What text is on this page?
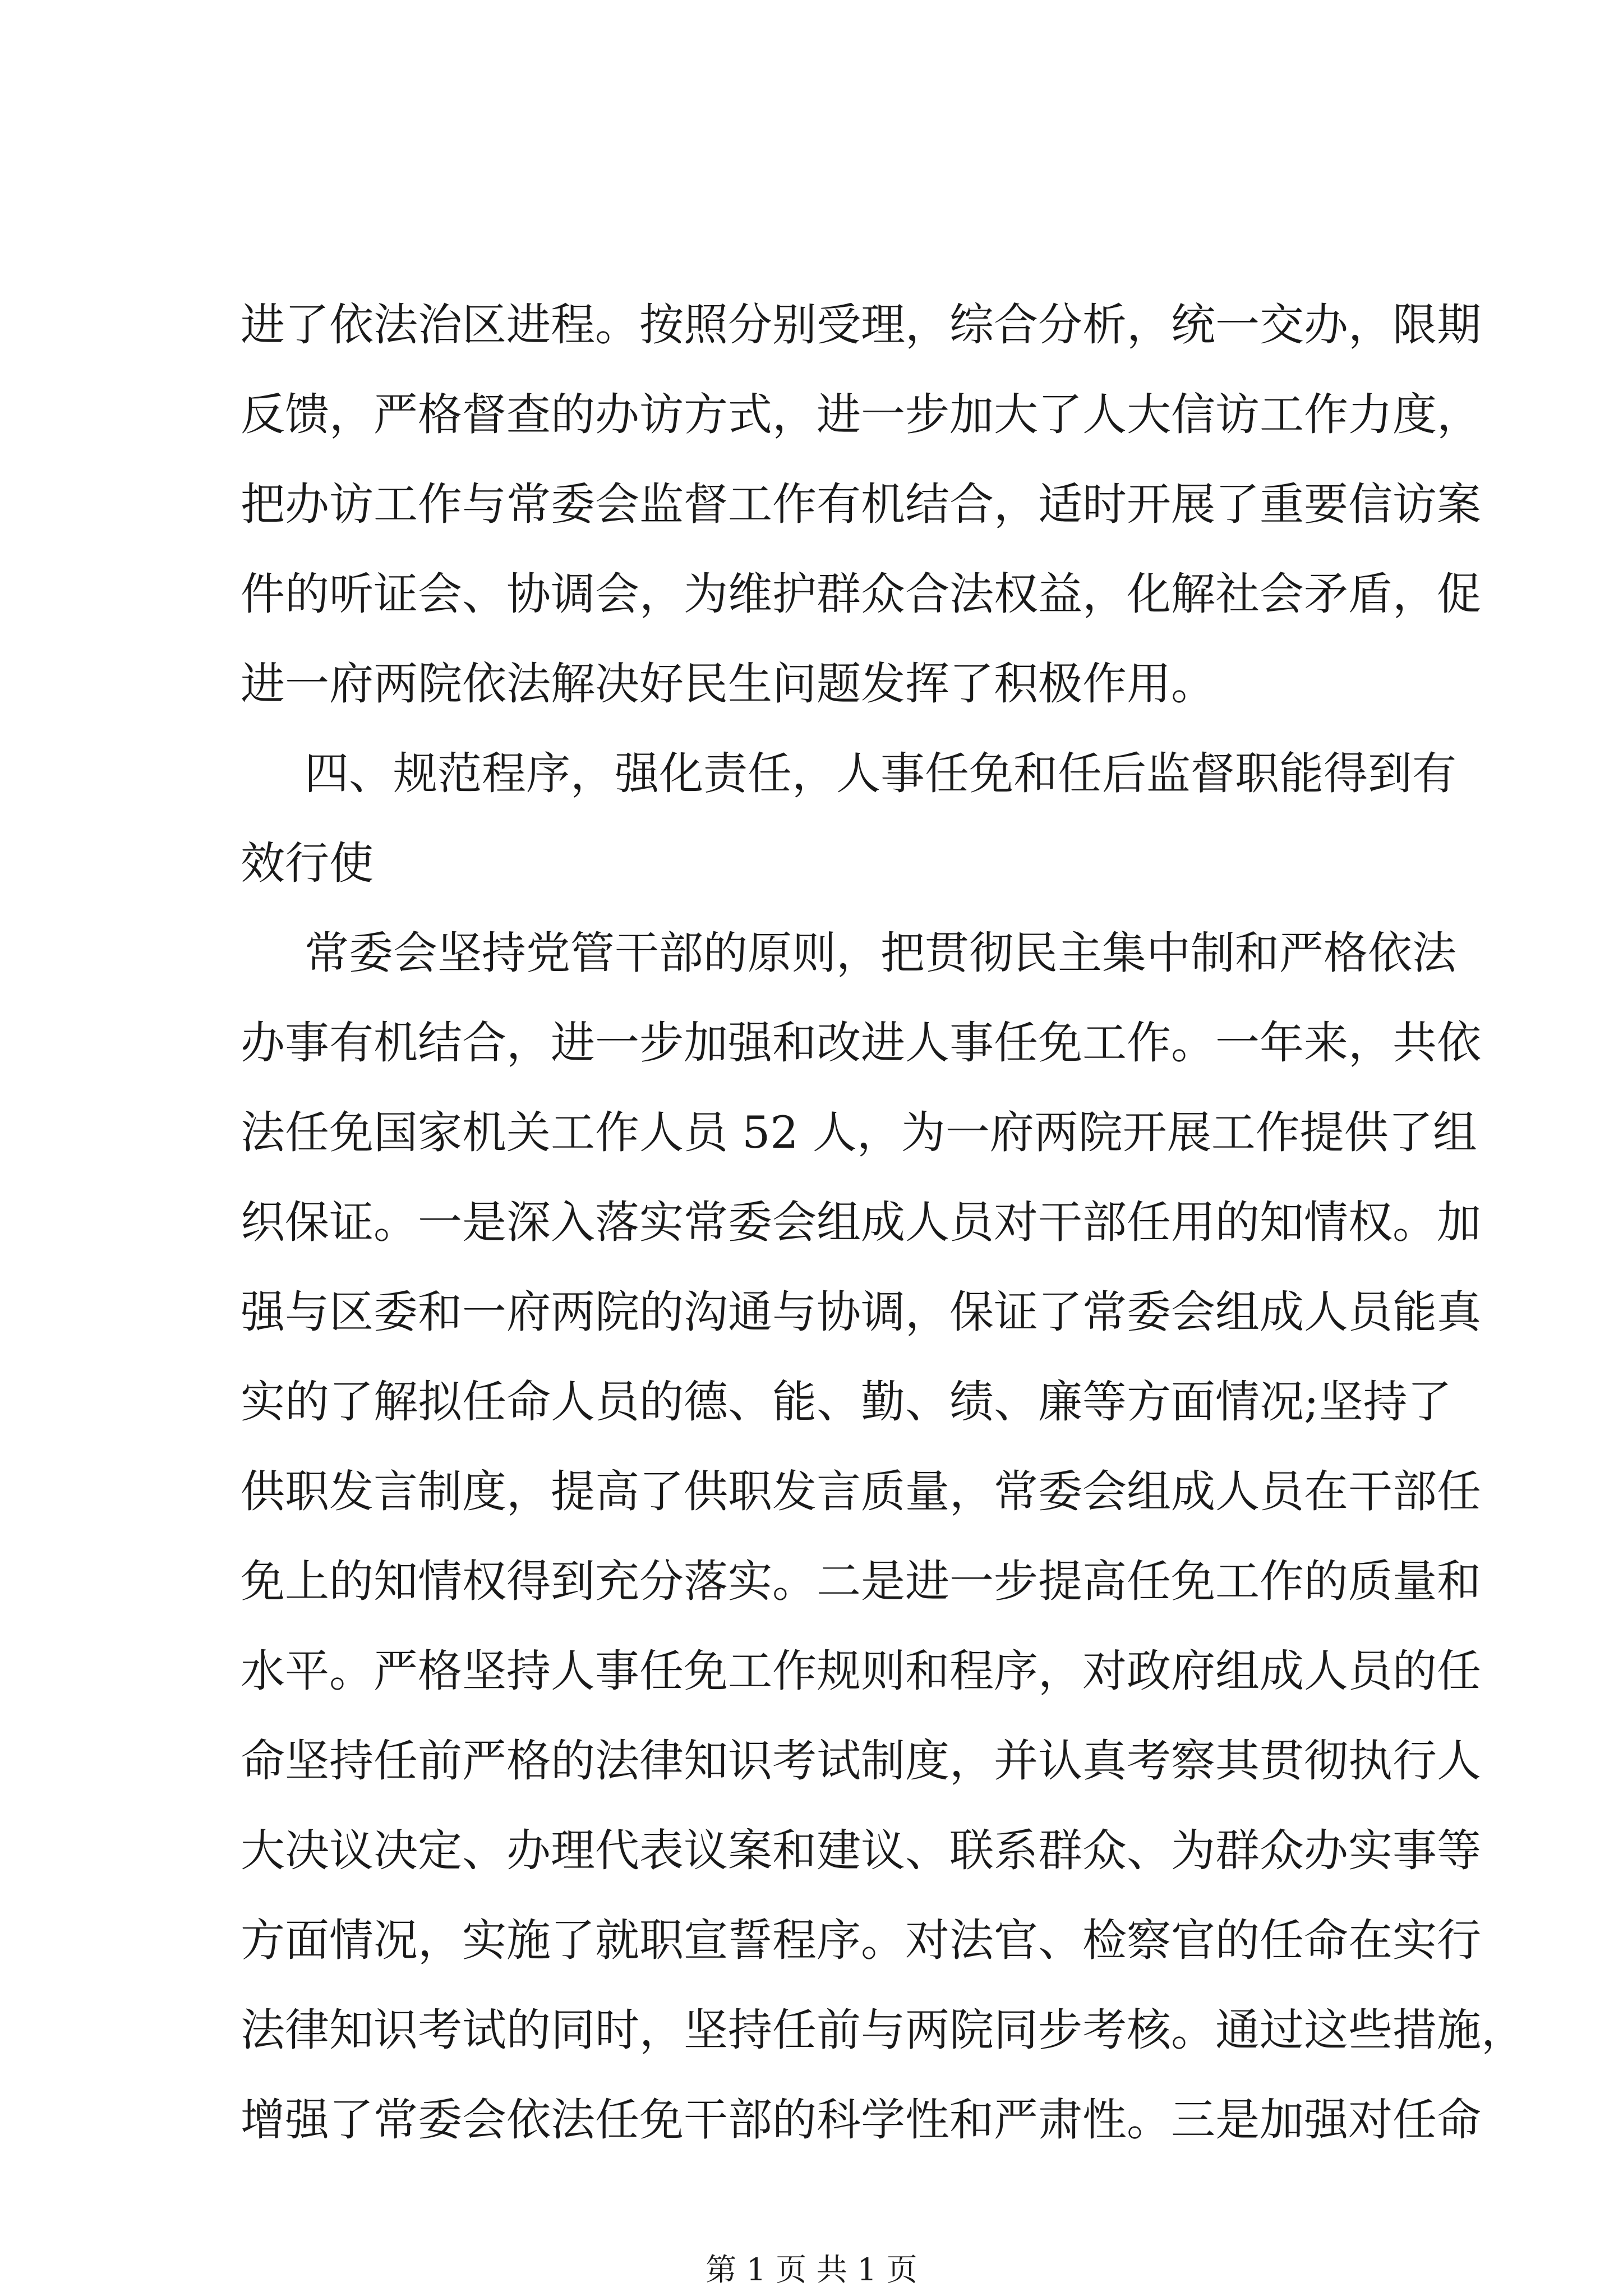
进了依法治区进程。按照分别受理，综合分析，统一交办，限期
反馈，严格督查的办访方式，进一步加大了人大信访工作力度，
把办访工作与常委会监督工作有机结合，适时开展了重要信访案
件的听证会、协调会，为维护群众合法权益，化解社会矛盾，促
进一府两院依法解决好民生问题发挥了积极作用。
四、规范程序，强化责任，人事任免和任后监督职能得到有
效行使
常委会坚持党管干部的原则，把贯彻民主集中制和严格依法
办事有机结合，进一步加强和改进人事任免工作。一年来，共依
法任免国家机关工作人员 52 人，为一府两院开展工作提供了组
织保证。一是深入落实常委会组成人员对干部任用的知情权。加
强与区委和一府两院的沟通与协调，保证了常委会组成人员能真
实的了解拟任命人员的德、能、勤、绩、廉等方面情况;坚持了
供职发言制度，提高了供职发言质量，常委会组成人员在干部任
免上的知情权得到充分落实。二是进一步提高任免工作的质量和
水平。严格坚持人事任免工作规则和程序，对政府组成人员的任
命坚持任前严格的法律知识考试制度，并认真考察其贯彻执行人
大决议决定、办理代表议案和建议、联系群众、为群众办实事等
方面情况，实施了就职宣誓程序。对法官、检察官的任命在实行
法律知识考试的同时，坚持任前与两院同步考核。通过这些措施，
增强了常委会依法任免干部的科学性和严肃性。三是加强对任命
第 1 页 共 1 页
